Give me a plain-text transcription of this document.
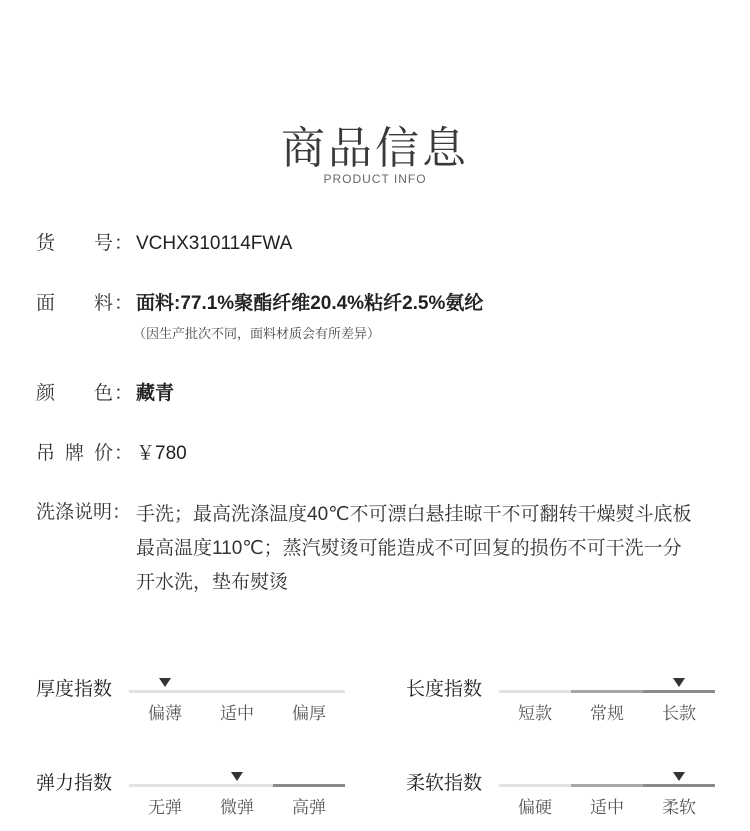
商品信息
PRODUCT INFO
货 号 ： VCHX310114FWA
面 料 ： 面料:77.1%聚酯纤维20.4%粘纤2.5%氨纶
（因生产批次不同，面料材质会有所差异）
颜 色 ： 藏青
吊 牌 价 ： ￥780
洗涤说明： 手洗；最高洗涤温度40℃不可漂白悬挂晾干不可翻转干燥熨斗底板
最高温度110℃；蒸汽熨烫可能造成不可回复的损伤不可干洗一分
开水洗，垫布熨烫
厚度指数
偏薄	适中	偏厚
长度指数
短款	常规	长款
弹力指数
无弹	微弹	高弹
柔软指数
偏硬	适中	柔软
